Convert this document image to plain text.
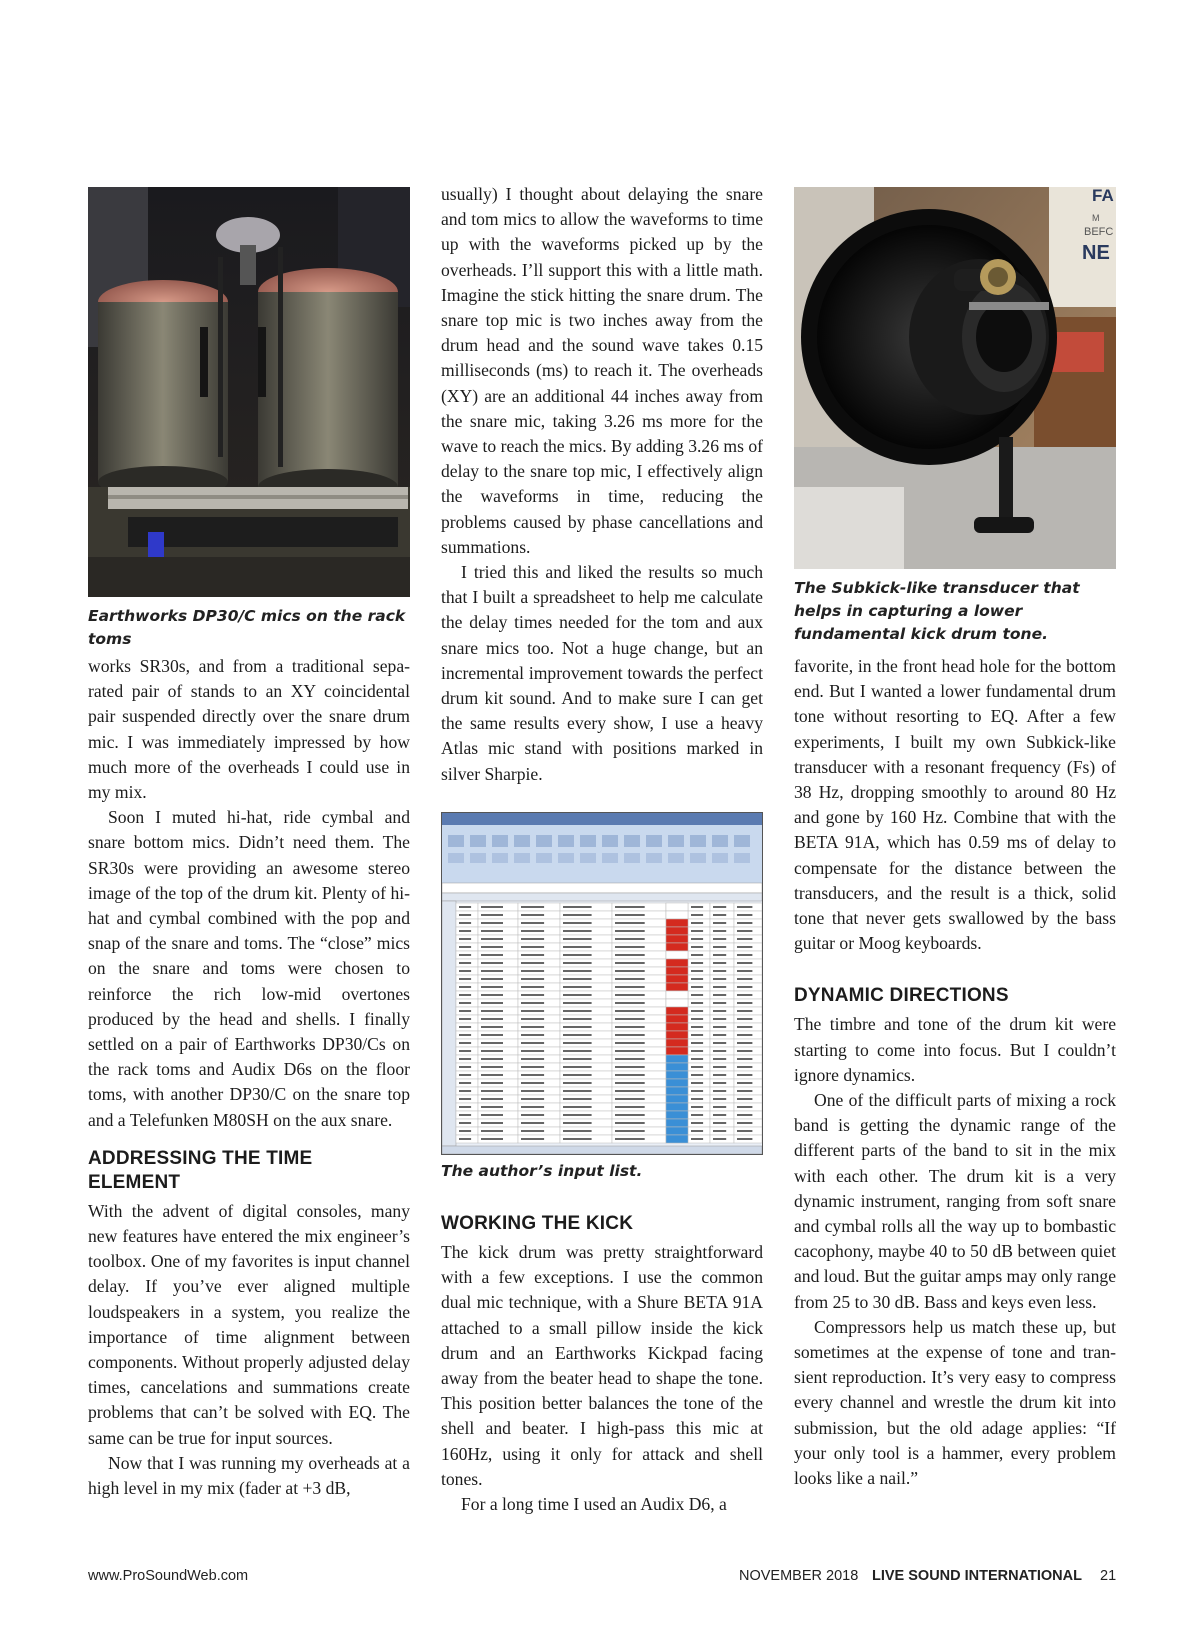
Earthworks DP30/C mics on the rack toms

works SR30s, and from a traditional separated pair of stands to an XY coincidental pair suspended directly over the snare drum mic. I was immediately impressed by how much more of the overheads I could use in my mix.

Soon I muted hi-hat, ride cymbal and snare bottom mics. Didn’t need them. The SR30s were providing an awesome stereo image of the top of the drum kit. Plenty of hi-hat and cymbal combined with the pop and snap of the snare and toms. The “close” mics on the snare and toms were chosen to reinforce the rich low-mid overtones produced by the head and shells. I finally settled on a pair of Earthworks DP30/Cs on the rack toms and Audix D6s on the floor toms, with another DP30/C on the snare top and a Telefunken M80SH on the aux snare.

ADDRESSING THE TIME ELEMENT

With the advent of digital consoles, many new features have entered the mix engineer’s toolbox. One of my favorites is input channel delay. If you’ve ever aligned multiple loudspeakers in a system, you realize the importance of time alignment between components. Without properly adjusted delay times, cancelations and summations create problems that can’t be solved with EQ. The same can be true for input sources.

Now that I was running my overheads at a high level in my mix (fader at +3 dB,

usually) I thought about delaying the snare and tom mics to allow the waveforms to time up with the waveforms picked up by the overheads. I’ll support this with a little math. Imagine the stick hitting the snare drum. The snare top mic is two inches away from the drum head and the sound wave takes 0.15 milliseconds (ms) to reach it. The overheads (XY) are an additional 44 inches away from the snare mic, taking 3.26 ms more for the wave to reach the mics. By adding 3.26 ms of delay to the snare top mic, I effectively align the waveforms in time, reducing the problems caused by phase cancellations and summations.

I tried this and liked the results so much that I built a spreadsheet to help me calculate the delay times needed for the tom and aux snare mics too. Not a huge change, but an incremental improvement towards the perfect drum kit sound. And to make sure I can get the same results every show, I use a heavy Atlas mic stand with positions marked in silver Sharpie.

The author’s input list.
WORKING THE KICK

The kick drum was pretty straightforward with a few exceptions. I use the common dual mic technique, with a Shure BETA 91A attached to a small pillow inside the kick drum and an Earthworks Kickpad facing away from the beater head to shape the tone. This position better balances the tone of the shell and beater. I high-pass this mic at 160Hz, using it only for attack and shell tones.

For a long time I used an Audix D6, a

FA
M
BEFC
NE
The Subkick-like transducer that helps in capturing a lower fundamental kick drum tone.

favorite, in the front head hole for the bottom end. But I wanted a lower fundamental drum tone without resorting to EQ. After a few experiments, I built my own Subkick-like transducer with a resonant frequency (Fs) of 38 Hz, dropping smoothly to around 80 Hz and gone by 160 Hz. Combine that with the BETA 91A, which has 0.59 ms of delay to compensate for the distance between the transducers, and the result is a thick, solid tone that never gets swallowed by the bass guitar or Moog keyboards.

DYNAMIC DIRECTIONS

The timbre and tone of the drum kit were starting to come into focus. But I couldn’t ignore dynamics.

One of the difficult parts of mixing a rock band is getting the dynamic range of the different parts of the band to sit in the mix with each other. The drum kit is a very dynamic instrument, ranging from soft snare and cymbal rolls all the way up to bombastic cacophony, maybe 40 to 50 dB between quiet and loud. But the guitar amps may only range from 25 to 30 dB. Bass and keys even less.

Compressors help us match these up, but sometimes at the expense of tone and transient reproduction. It’s very easy to compress every channel and wrestle the drum kit into submission, but the old adage applies: “If your only tool is a hammer, every problem looks like a nail.”

www.ProSoundWeb.com	NOVEMBER 2018 LIVE SOUND INTERNATIONAL 21
